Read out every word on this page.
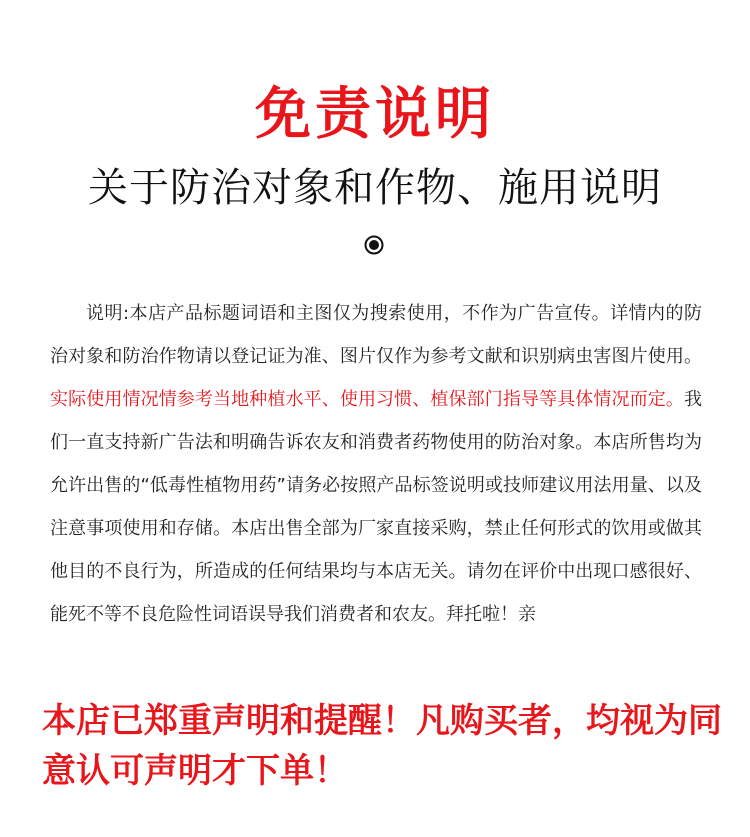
免责说明
关于防治对象和作物、施用说明

说明:本店产品标题词语和主图仅为搜索使用，不作为广告宣传。详情内的防治对象和防治作物请以登记证为准、图片仅作为参考文献和识别病虫害图片使用。实际使用情况情参考当地种植水平、使用习惯、植保部门指导等具体情况而定。我们一直支持新广告法和明确告诉农友和消费者药物使用的防治对象。本店所售均为允许出售的“低毒性植物用药”请务必按照产品标签说明或技师建议用法用量、以及注意事项使用和存储。本店出售全部为厂家直接采购，禁止任何形式的饮用或做其他目的不良行为，所造成的任何结果均与本店无关。请勿在评价中出现口感很好、能死不等不良危险性词语误导我们消费者和农友。拜托啦！亲

本店已郑重声明和提醒！凡购买者，均视为同意认可声明才下单！
